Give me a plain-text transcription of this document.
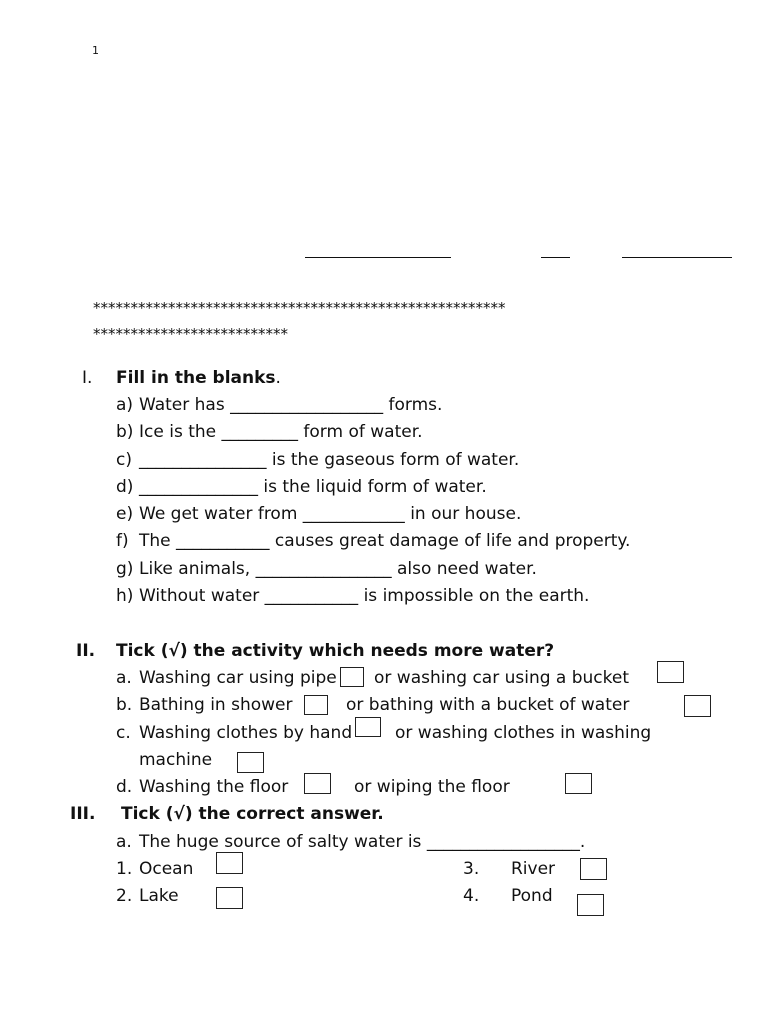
1
*******************************************************
**************************
I. Fill in the blanks.
a) Water has __________________ forms.
b) Ice is the _________ form of water.
c) _______________ is the gaseous form of water.
d) ______________ is the liquid form of water.
e) We get water from ____________ in our house.
f) The ___________ causes great damage of life and property.
g) Like animals, ________________ also need water.
h) Without water ___________ is impossible on the earth.
II. Tick (√) the activity which needs more water?
a. Washing car using pipe or washing car using a bucket
b. Bathing in shower	or bathing with a bucket of water
c. Washing clothes by hand	or washing clothes in washing
machine
d. Washing the floor	or wiping the floor
III. Tick (√) the correct answer.
a. The huge source of salty water is __________________.
1. Ocean
2. Lake
3. River
4. Pond
